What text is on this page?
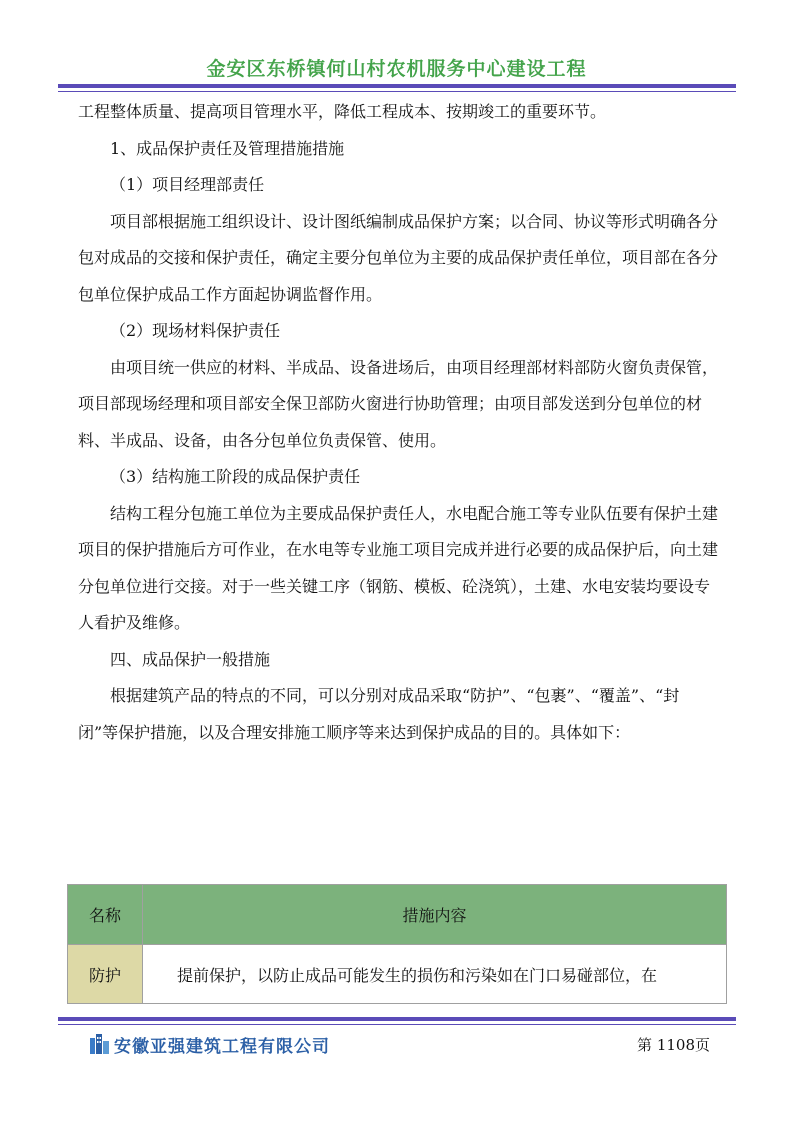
金安区东桥镇何山村农机服务中心建设工程

工程整体质量、提高项目管理水平，降低工程成本、按期竣工的重要环节。

1、成品保护责任及管理措施措施

（1）项目经理部责任

项目部根据施工组织设计、设计图纸编制成品保护方案；以合同、协议等形式明确各分包对成品的交接和保护责任，确定主要分包单位为主要的成品保护责任单位，项目部在各分包单位保护成品工作方面起协调监督作用。

（2）现场材料保护责任

由项目统一供应的材料、半成品、设备进场后，由项目经理部材料部防火窗负责保管，项目部现场经理和项目部安全保卫部防火窗进行协助管理；由项目部发送到分包单位的材料、半成品、设备，由各分包单位负责保管、使用。

（3）结构施工阶段的成品保护责任

结构工程分包施工单位为主要成品保护责任人，水电配合施工等专业队伍要有保护土建项目的保护措施后方可作业，在水电等专业施工项目完成并进行必要的成品保护后，向土建分包单位进行交接。对于一些关键工序（钢筋、模板、砼浇筑），土建、水电安装均要设专人看护及维修。

四、成品保护一般措施

根据建筑产品的特点的不同，可以分别对成品采取“防护”、“包裹”、“覆盖”、“封闭”等保护措施，以及合理安排施工顺序等来达到保护成品的目的。具体如下：

名称	措施内容
防护	提前保护，以防止成品可能发生的损伤和污染如在门口易碰部位，在
安徽亚强建筑工程有限公司	第 1108页
